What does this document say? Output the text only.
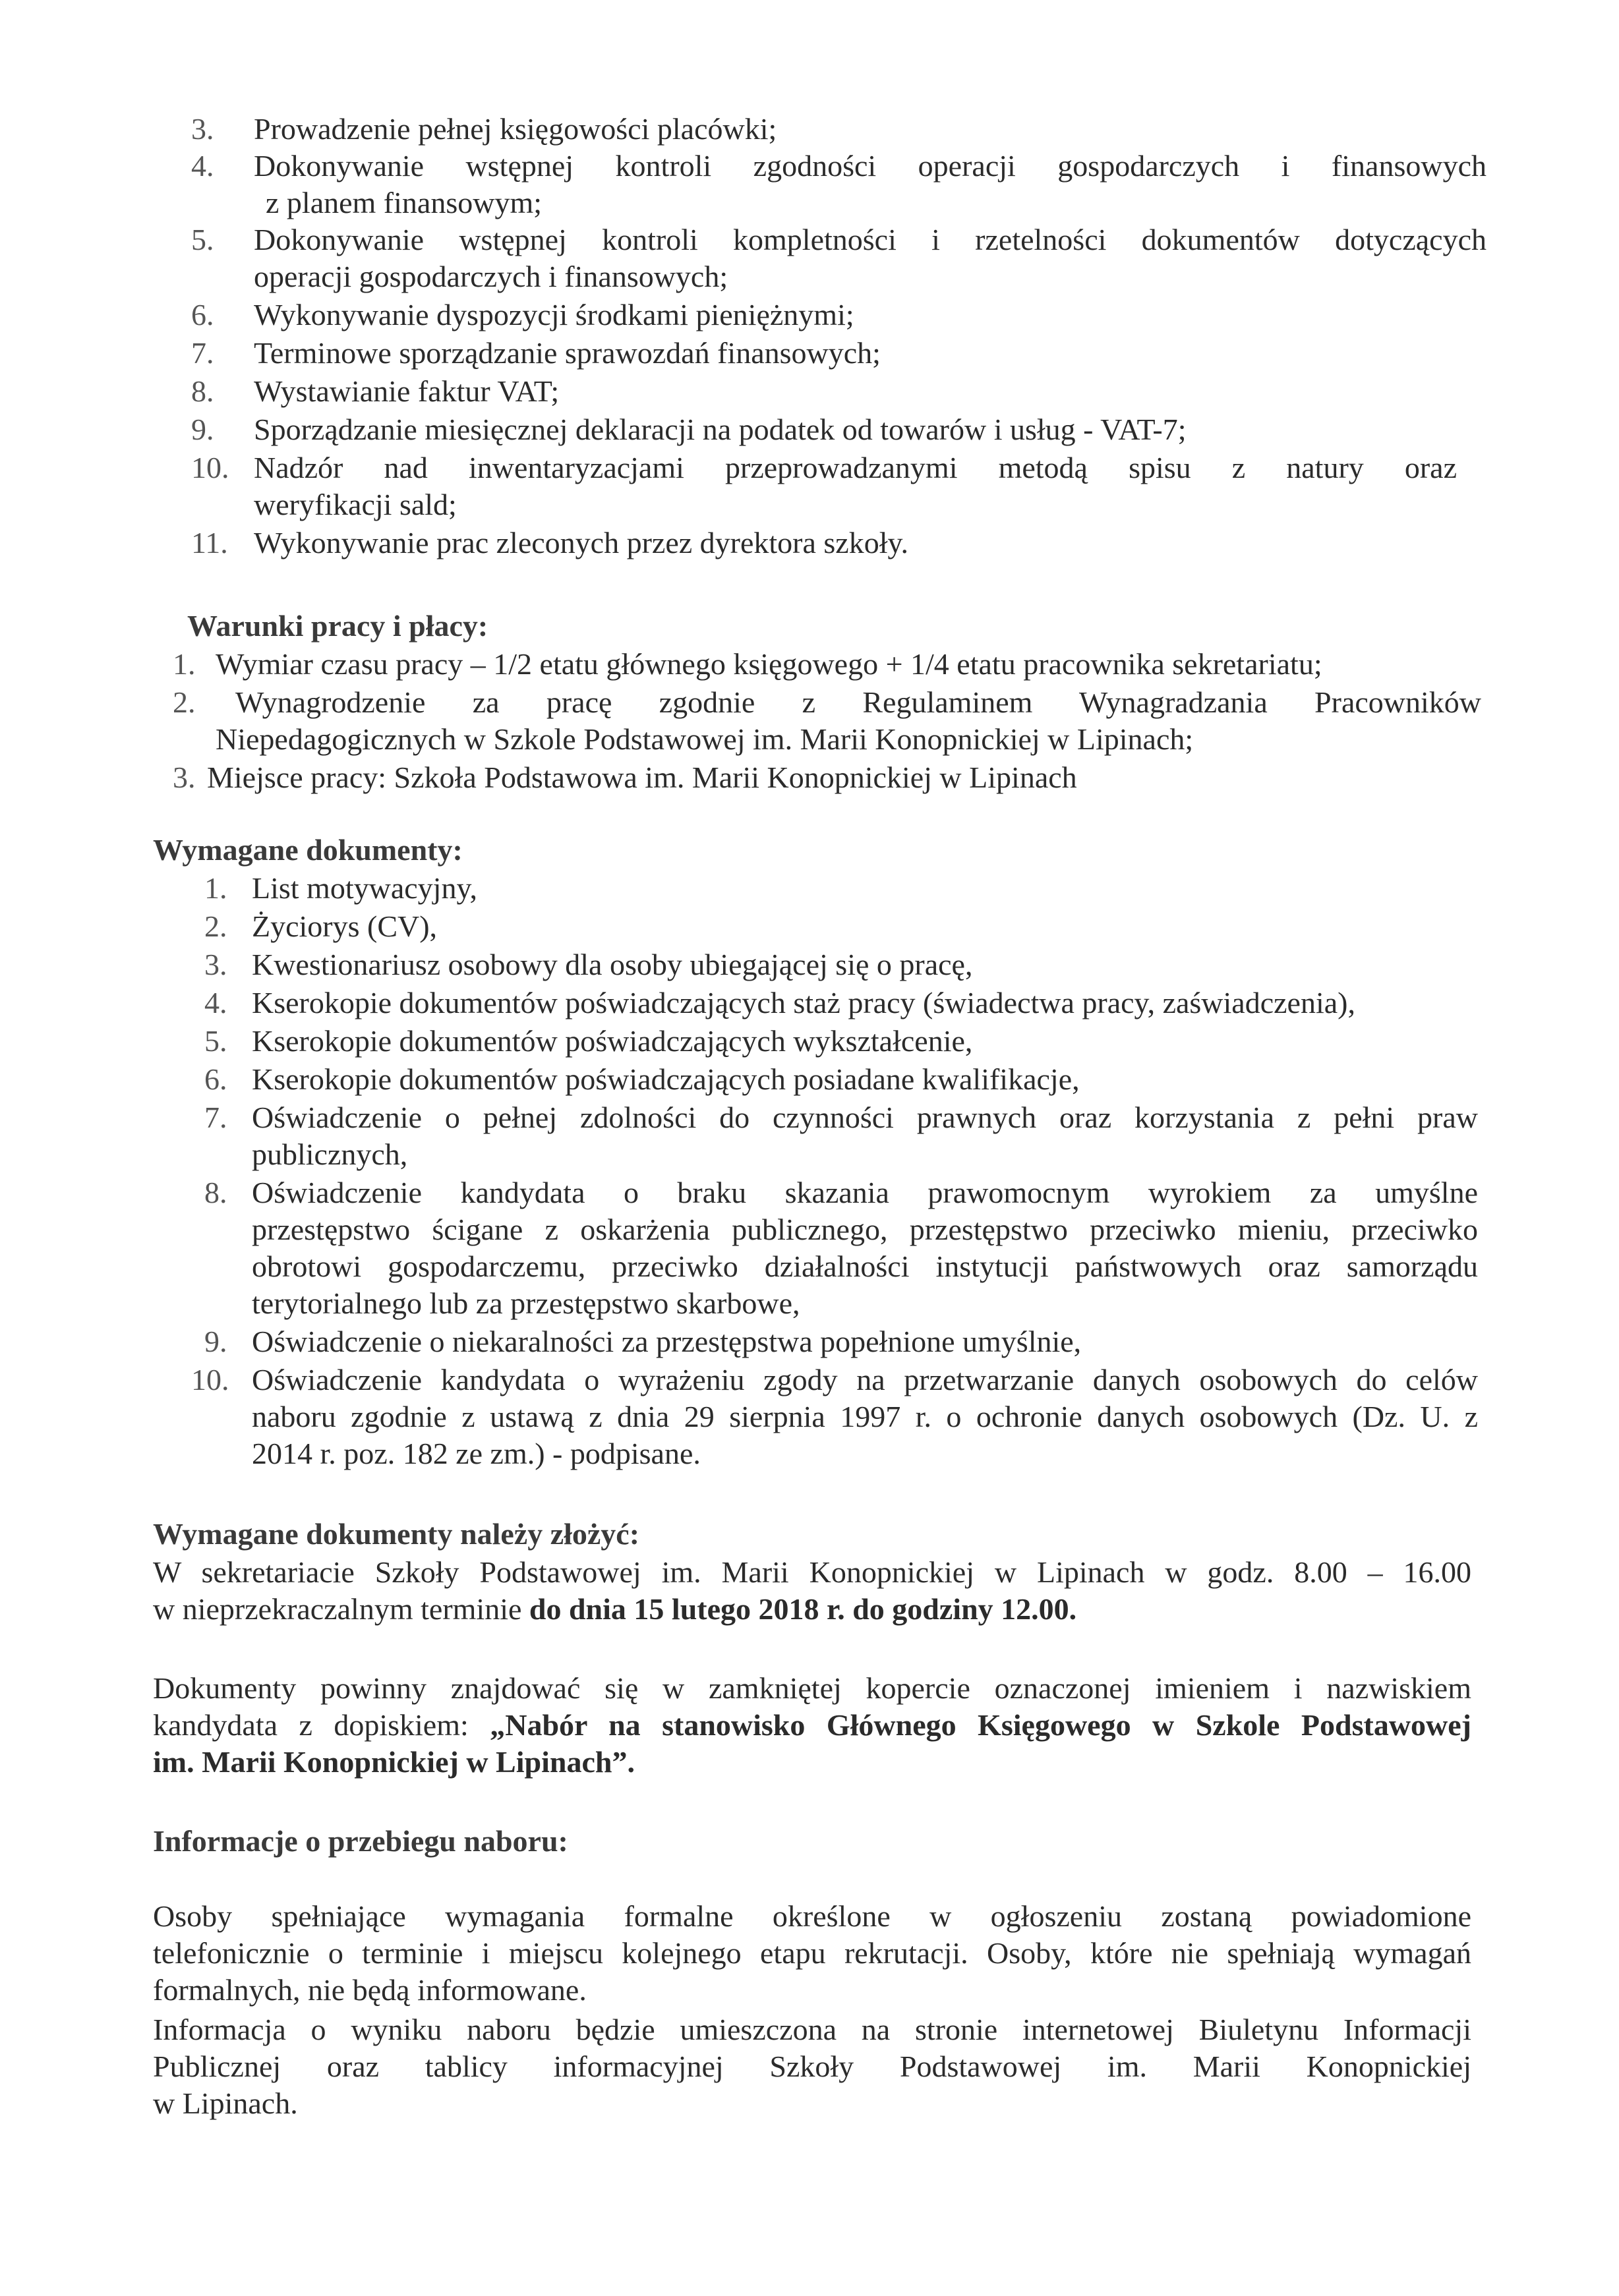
3.	Prowadzenie pełnej księgowości placówki;
4.	Dokonywanie wstępnej kontroli zgodności operacji gospodarczych i finansowych
z planem finansowym;
5.	Dokonywanie wstępnej kontroli kompletności i rzetelności dokumentów dotyczących
operacji gospodarczych i finansowych;
6.	Wykonywanie dyspozycji środkami pieniężnymi;
7.	Terminowe sporządzanie sprawozdań finansowych;
8.	Wystawianie faktur VAT;
9.	Sporządzanie miesięcznej deklaracji na podatek od towarów i usług - VAT-7;
10. Nadzór nad inwentaryzacjami przeprowadzanymi metodą spisu z natury oraz
weryfikacji sald;
11. Wykonywanie prac zleconych przez dyrektora szkoły.
Warunki pracy i płacy:
1. Wymiar czasu pracy – 1/2 etatu głównego księgowego + 1/4 etatu pracownika sekretariatu;
2.	Wynagrodzenie za pracę zgodnie z Regulaminem Wynagradzania Pracowników
Niepedagogicznych w Szkole Podstawowej im. Marii Konopnickiej w Lipinach;
3. Miejsce pracy: Szkoła Podstawowa im. Marii Konopnickiej w Lipinach
Wymagane dokumenty:
1. List motywacyjny,
2. Życiorys (CV),
3. Kwestionariusz osobowy dla osoby ubiegającej się o pracę,
4. Kserokopie dokumentów poświadczających staż pracy (świadectwa pracy, zaświadczenia),
5. Kserokopie dokumentów poświadczających wykształcenie,
6. Kserokopie dokumentów poświadczających posiadane kwalifikacje,
7. Oświadczenie o pełnej zdolności do czynności prawnych oraz korzystania z pełni praw
publicznych,
8. Oświadczenie kandydata o braku skazania prawomocnym wyrokiem za umyślne
przestępstwo ścigane z oskarżenia publicznego, przestępstwo przeciwko mieniu, przeciwko
obrotowi gospodarczemu, przeciwko działalności instytucji państwowych oraz samorządu
terytorialnego lub za przestępstwo skarbowe,
9. Oświadczenie o niekaralności za przestępstwa popełnione umyślnie,
10. Oświadczenie kandydata o wyrażeniu zgody na przetwarzanie danych osobowych do celów
naboru zgodnie z ustawą z dnia 29 sierpnia 1997 r. o ochronie danych osobowych (Dz. U. z
2014 r. poz. 182 ze zm.) - podpisane.
Wymagane dokumenty należy złożyć:
W sekretariacie Szkoły Podstawowej im. Marii Konopnickiej w Lipinach w godz. 8.00 – 16.00
w nieprzekraczalnym terminie do dnia 15 lutego 2018 r. do godziny 12.00.
Dokumenty powinny znajdować się w zamkniętej kopercie oznaczonej imieniem i nazwiskiem
kandydata z dopiskiem: „Nabór na stanowisko Głównego Księgowego w Szkole Podstawowej
im. Marii Konopnickiej w Lipinach”.
Informacje o przebiegu naboru:
Osoby spełniające wymagania formalne określone w ogłoszeniu zostaną powiadomione
telefonicznie o terminie i miejscu kolejnego etapu rekrutacji. Osoby, które nie spełniają wymagań
formalnych, nie będą informowane.
Informacja o wyniku naboru będzie umieszczona na stronie internetowej Biuletynu Informacji
Publicznej oraz tablicy informacyjnej Szkoły Podstawowej im. Marii Konopnickiej
w Lipinach.
